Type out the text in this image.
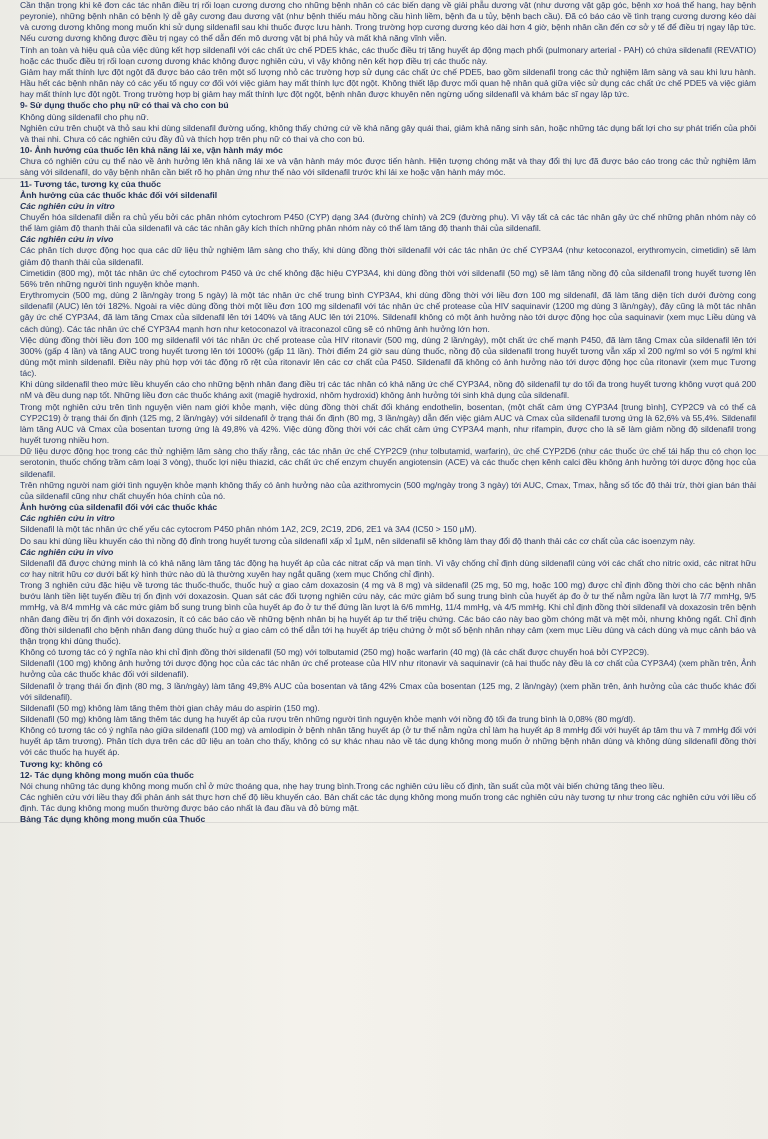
Cần thận trọng khi kê đơn các tác nhân điều trị rối loạn cương dương cho những bệnh nhân có các biến dạng về giải phẫu dương vật (như dương vật gập góc, bệnh xơ hoá thể hang, hay bệnh peyronie), những bệnh nhân có bệnh lý dễ gây cương đau dương vật (như bệnh thiếu máu hồng cầu hình liềm, bệnh đa u tủy, bệnh bạch cầu). Đã có báo cáo về tình trạng cương dương kéo dài và cương dương không mong muốn khi sử dụng sildenafil sau khi thuốc được lưu hành. Trong trường hợp cương dương kéo dài hơn 4 giờ, bệnh nhân cần đến cơ sở y tế để điều trị ngay lập tức. Nếu cương dương không được điều trị ngay có thể dẫn đến mô dương vật bị phá hủy và mất khả năng vĩnh viễn.
Tính an toàn và hiệu quả của việc dùng kết hợp sildenafil với các chất ức chế PDE5 khác, các thuốc điều trị tăng huyết áp động mạch phổi (pulmonary arterial - PAH) có chứa sildenafil (REVATIO) hoặc các thuốc điều trị rối loạn cương dương khác không được nghiên cứu, vì vậy không nên kết hợp điều trị các thuốc này.
Giảm hay mất thính lực đột ngột đã được báo cáo trên một số lượng nhỏ các trường hợp sử dụng các chất ức chế PDE5, bao gồm sildenafil trong các thử nghiệm lâm sàng và sau khi lưu hành. Hầu hết các bệnh nhân này có các yếu tố nguy cơ đối với việc giảm hay mất thính lực đột ngột. Không thiết lập được mối quan hệ nhân quả giữa việc sử dụng các chất ức chế PDE5 và việc giảm hay mất thính lực đột ngột. Trong trường hợp bị giảm hay mất thính lực đột ngột, bệnh nhân được khuyên nên ngừng uống sildenafil và khám bác sĩ ngay lập tức.
9- Sử dụng thuốc cho phụ nữ có thai và cho con bú
Không dùng sildenafil cho phụ nữ.
Nghiên cứu trên chuột và thỏ sau khi dùng sildenafil đường uống, không thấy chứng cứ về khả năng gây quái thai, giảm khả năng sinh sản, hoặc những tác dụng bất lợi cho sự phát triển của phôi và thai nhi. Chưa có các nghiên cứu đầy đủ và thích hợp trên phụ nữ có thai và cho con bú.
10- Ảnh hưởng của thuốc lên khả năng lái xe, vận hành máy móc
Chưa có nghiên cứu cụ thể nào về ảnh hưởng lên khả năng lái xe và vận hành máy móc được tiến hành. Hiện tượng chóng mặt và thay đổi thị lực đã được báo cáo trong các thử nghiệm lâm sàng với sildenafil, do vậy bệnh nhân cần biết rõ họ phản ứng như thế nào với sildenafil trước khi lái xe hoặc vận hành máy móc.
11- Tương tác, tương kỵ của thuốc
Ảnh hưởng của các thuốc khác đối với sildenafil
Các nghiên cứu in vitro
Chuyển hóa sildenafil diễn ra chủ yếu bởi các phân nhóm cytochrom P450 (CYP) dạng 3A4 (đường chính) và 2C9 (đường phụ). Vì vậy tất cả các tác nhân gây ức chế những phân nhóm này có thể làm giảm độ thanh thải của sildenafil và các tác nhân gây kích thích những phân nhóm này có thể làm tăng độ thanh thải của sildenafil.
Các nghiên cứu in vivo
Các phân tích dược động học qua các dữ liệu thử nghiệm lâm sàng cho thấy, khi dùng đồng thời sildenafil với các tác nhân ức chế CYP3A4 (như ketoconazol, erythromycin, cimetidin) sẽ làm giảm độ thanh thải của sildenafil.
Cimetidin (800 mg), một tác nhân ức chế cytochrom P450 và ức chế không đặc hiệu CYP3A4, khi dùng đồng thời với sildenafil (50 mg) sẽ làm tăng nồng độ của sildenafil trong huyết tương lên 56% trên những người tình nguyện khỏe mạnh.
Erythromycin (500 mg, dùng 2 lần/ngày trong 5 ngày) là một tác nhân ức chế trung bình CYP3A4, khi dùng đồng thời với liều đơn 100 mg sildenafil, đã làm tăng diện tích dưới đường cong sildenafil (AUC) lên tới 182%. Ngoài ra việc dùng đồng thời một liều đơn 100 mg sildenafil với tác nhân ức chế protease của HIV saquinavir (1200 mg dùng 3 lần/ngày), đây cũng là một tác nhân gây ức chế CYP3A4, đã làm tăng Cmax của sildenafil lên tới 140% và tăng AUC lên tới 210%. Sildenafil không có một ảnh hưởng nào tới dược động học của saquinavir (xem mục Liều dùng và cách dùng). Các tác nhân ức chế CYP3A4 mạnh hơn như ketoconazol và itraconazol cũng sẽ có những ảnh hưởng lớn hơn.
Việc dùng đồng thời liều đơn 100 mg sildenafil với tác nhân ức chế protease của HIV ritonavir (500 mg, dùng 2 lần/ngày), một chất ức chế mạnh P450, đã làm tăng Cmax của sildenafil lên tới 300% (gấp 4 lần) và tăng AUC trong huyết tương lên tới 1000% (gấp 11 lần). Thời điểm 24 giờ sau dùng thuốc, nồng độ của sildenafil trong huyết tương vẫn xấp xỉ 200 ng/ml so với 5 ng/ml khi dùng một mình sildenafil. Điều này phù hợp với tác động rõ rệt của ritonavir lên các cơ chất của P450. Sildenafil đã không có ảnh hưởng nào tới dược động học của ritonavir (xem mục Tương tác).
Khi dùng sildenafil theo mức liều khuyến cáo cho những bệnh nhân đang điều trị các tác nhân có khả năng ức chế CYP3A4, nồng độ sildenafil tự do tối đa trong huyết tương không vượt quá 200 nM và đều dung nạp tốt. Những liều đơn các thuốc kháng axit (magiê hydroxid, nhôm hydroxid) không ảnh hưởng tới sinh khả dụng của sildenafil.
Trong một nghiên cứu trên tình nguyện viên nam giới khỏe mạnh, việc dùng đồng thời chất đối kháng endothelin, bosentan, (một chất cảm ứng CYP3A4 [trung bình], CYP2C9 và có thể cả CYP2C19) ở trạng thái ổn định (125 mg, 2 lần/ngày) với sildenafil ở trạng thái ổn định (80 mg, 3 lần/ngày) dẫn đến việc giảm AUC và Cmax của sildenafil tương ứng là 62,6% và 55,4%. Sildenafil làm tăng AUC và Cmax của bosentan tương ứng là 49,8% và 42%. Việc dùng đồng thời với các chất cảm ứng CYP3A4 mạnh, như rifampin, được cho là sẽ làm giảm nồng độ sildenafil trong huyết tương nhiều hơn.
Dữ liệu dược động học trong các thử nghiệm lâm sàng cho thấy rằng, các tác nhân ức chế CYP2C9 (như tolbutamid, warfarin), ức chế CYP2D6 (như các thuốc ức chế tái hấp thu có chọn lọc serotonin, thuốc chống trầm cảm loại 3 vòng), thuốc lợi niệu thiazid, các chất ức chế enzym chuyển angiotensin (ACE) và các thuốc chẹn kênh calci đều không ảnh hưởng tới dược động học của sildenafil.
Trên những người nam giới tình nguyện khỏe mạnh không thấy có ảnh hưởng nào của azithromycin (500 mg/ngày trong 3 ngày) tới AUC, Cmax, Tmax, hằng số tốc độ thải trừ, thời gian bán thải của sildenafil cũng như chất chuyển hóa chính của nó.
Ảnh hưởng của sildenafil đối với các thuốc khác
Các nghiên cứu in vitro
Sildenafil là một tác nhân ức chế yếu các cytocrom P450 phân nhóm 1A2, 2C9, 2C19, 2D6, 2E1 và 3A4 (IC50 > 150 µM).
Do sau khi dùng liều khuyến cáo thì nồng độ đỉnh trong huyết tương của sildenafil xấp xỉ 1µM, nên sildenafil sẽ không làm thay đổi độ thanh thải các cơ chất của các isoenzym này.
Các nghiên cứu in vivo
Sildenafil đã được chứng minh là có khả năng làm tăng tác động hạ huyết áp của các nitrat cấp và mạn tính. Vì vậy chống chỉ định dùng sildenafil cùng với các chất cho nitric oxid, các nitrat hữu cơ hay nitrit hữu cơ dưới bất kỳ hình thức nào dù là thường xuyên hay ngắt quãng (xem mục Chống chỉ định).
Trong 3 nghiên cứu đặc hiệu về tương tác thuốc-thuốc, thuốc huỷ α giao cảm doxazosin (4 mg và 8 mg) và sildenafil (25 mg, 50 mg, hoặc 100 mg) được chỉ định đồng thời cho các bệnh nhân bướu lành tiền liệt tuyến điều trị ổn định với doxazosin. Quan sát các đối tượng nghiên cứu này, các mức giảm bổ sung trung bình của huyết áp đo ở tư thế nằm ngửa lần lượt là 7/7 mmHg, 9/5 mmHg, và 8/4 mmHg và các mức giảm bổ sung trung bình của huyết áp đo ở tư thế đứng lần lượt là 6/6 mmHg, 11/4 mmHg, và 4/5 mmHg. Khi chỉ định đồng thời sildenafil và doxazosin trên bệnh nhân đang điều trị ổn định với doxazosin, ít có các báo cáo về những bệnh nhân bị hạ huyết áp tư thế triệu chứng. Các báo cáo này bao gồm chóng mặt và mệt mỏi, nhưng không ngất. Chỉ định đồng thời sildenafil cho bệnh nhân đang dùng thuốc huỷ α giao cảm có thể dẫn tới hạ huyết áp triệu chứng ở một số bệnh nhân nhạy cảm (xem mục Liều dùng và cách dùng và mục cảnh báo và thận trọng khi dùng thuốc).
Không có tương tác có ý nghĩa nào khi chỉ định đồng thời sildenafil (50 mg) với tolbutamid (250 mg) hoặc warfarin (40 mg) (là các chất được chuyển hoá bởi CYP2C9).
Sildenafil (100 mg) không ảnh hưởng tới dược động học của các tác nhân ức chế protease của HIV như ritonavir và saquinavir (cả hai thuốc này đều là cơ chất của CYP3A4) (xem phần trên, Ảnh hưởng của các thuốc khác đối với sildenafil).
Sildenafil ở trạng thái ổn định (80 mg, 3 lần/ngày) làm tăng 49,8% AUC của bosentan và tăng 42% Cmax của bosentan (125 mg, 2 lần/ngày) (xem phần trên, ảnh hưởng của các thuốc khác đối với sildenafil).
Sildenafil (50 mg) không làm tăng thêm thời gian chảy máu do aspirin (150 mg).
Sildenafil (50 mg) không làm tăng thêm tác dụng hạ huyết áp của rượu trên những người tình nguyện khỏe mạnh với nồng độ tối đa trung bình là 0,08% (80 mg/dl).
Không có tương tác có ý nghĩa nào giữa sildenafil (100 mg) và amlodipin ở bệnh nhân tăng huyết áp (ở tư thế nằm ngửa chỉ làm hạ huyết áp 8 mmHg đối với huyết áp tâm thu và 7 mmHg đối với huyết áp tâm trương). Phân tích dựa trên các dữ liệu an toàn cho thấy, không có sự khác nhau nào về tác dụng không mong muốn ở những bệnh nhân dùng và không dùng sildenafil đồng thời với các thuốc hạ huyết áp.
Tương kỵ: không có
12- Tác dụng không mong muốn của thuốc
Nói chung những tác dụng không mong muốn chỉ ở mức thoáng qua, nhẹ hay trung bình.Trong các nghiên cứu liều cố định, tần suất của một vài biến chứng tăng theo liều.
Các nghiên cứu với liều thay đổi phản ánh sát thực hơn chế độ liều khuyến cáo. Bản chất các tác dụng không mong muốn trong các nghiên cứu này tương tự như trong các nghiên cứu với liều cố định. Tác dụng không mong muốn thường được báo cáo nhất là đau đầu và đỏ bừng mặt.
Bảng Tác dụng không mong muốn của Thuốc
